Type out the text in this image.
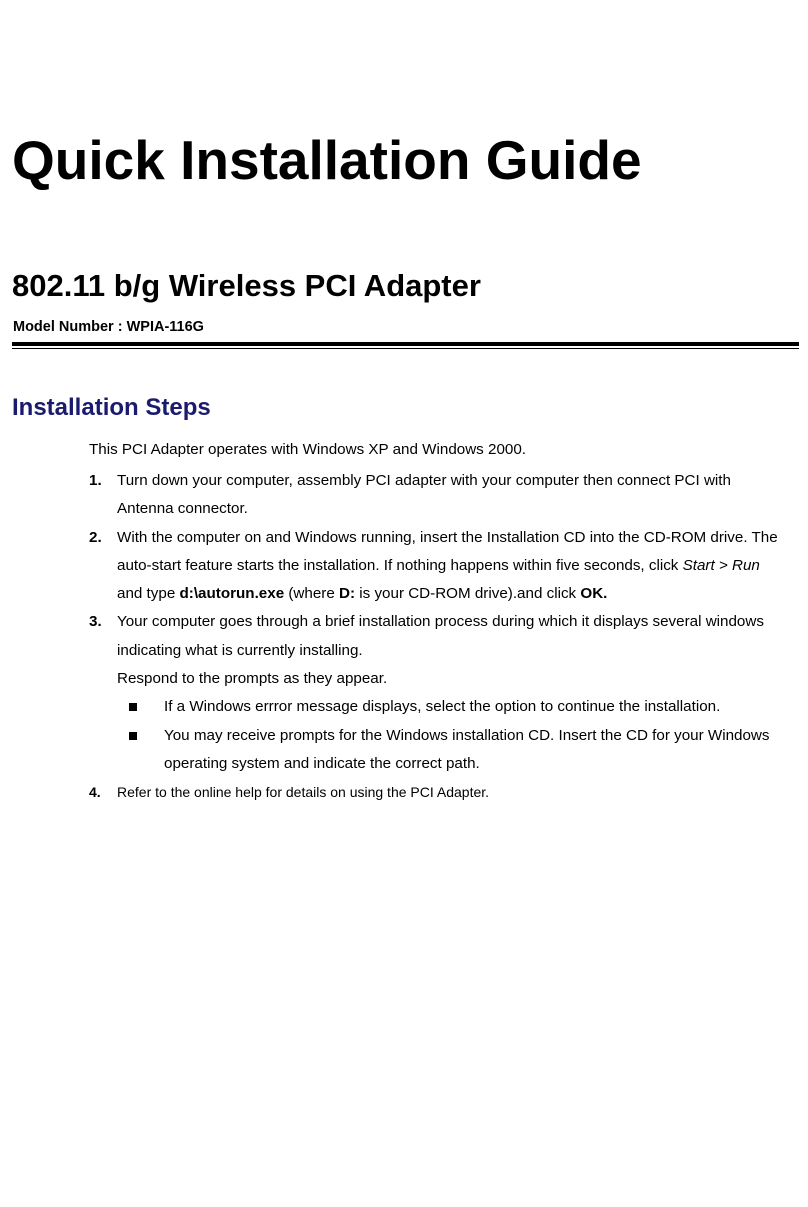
Quick Installation Guide
802.11 b/g Wireless PCI Adapter
Model Number : WPIA-116G
Installation Steps
This PCI Adapter operates with Windows XP and Windows 2000.
1. Turn down your computer, assembly PCI adapter with your computer then connect PCI with
Antenna connector.
2. With the computer on and Windows running, insert the Installation CD into the CD-ROM drive. The
auto-start feature starts the installation. If nothing happens within five seconds, click Start > Run
and type d:\autorun.exe (where D: is your CD-ROM drive).and click OK.
3. Your computer goes through a brief installation process during which it displays several windows
indicating what is currently installing.
Respond to the prompts as they appear.
If a Windows errror message displays, select the option to continue the installation.
You may receive prompts for the Windows installation CD. Insert the CD for your Windows
operating system and indicate the correct path.
4. Refer to the online help for details on using the PCI Adapter.
